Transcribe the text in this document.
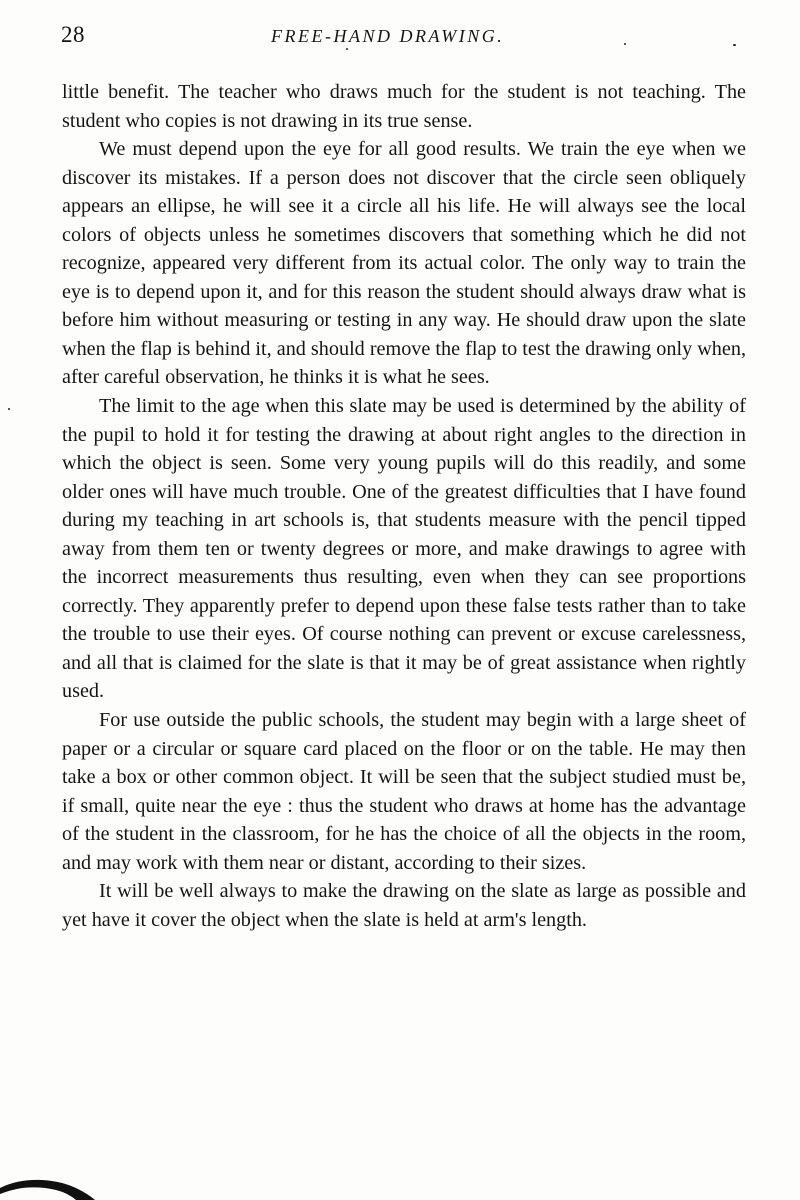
28	FREE-HAND DRAWING.

little benefit. The teacher who draws much for the student is not teaching. The student who copies is not drawing in its true sense.

We must depend upon the eye for all good results. We train the eye when we discover its mistakes. If a person does not discover that the circle seen obliquely appears an ellipse, he will see it a circle all his life. He will always see the local colors of objects unless he sometimes discovers that something which he did not recognize, appeared very different from its actual color. The only way to train the eye is to depend upon it, and for this reason the student should always draw what is before him without measuring or testing in any way. He should draw upon the slate when the flap is behind it, and should remove the flap to test the drawing only when, after careful observation, he thinks it is what he sees.

The limit to the age when this slate may be used is determined by the ability of the pupil to hold it for testing the drawing at about right angles to the direction in which the object is seen. Some very young pupils will do this readily, and some older ones will have much trouble. One of the greatest difficulties that I have found during my teaching in art schools is, that students measure with the pencil tipped away from them ten or twenty degrees or more, and make drawings to agree with the incorrect measurements thus resulting, even when they can see proportions correctly. They apparently prefer to depend upon these false tests rather than to take the trouble to use their eyes. Of course nothing can prevent or excuse carelessness, and all that is claimed for the slate is that it may be of great assistance when rightly used.

For use outside the public schools, the student may begin with a large sheet of paper or a circular or square card placed on the floor or on the table. He may then take a box or other common object. It will be seen that the subject studied must be, if small, quite near the eye : thus the student who draws at home has the advantage of the student in the classroom, for he has the choice of all the objects in the room, and may work with them near or distant, according to their sizes.

It will be well always to make the drawing on the slate as large as possible and yet have it cover the object when the slate is held at arm's length.
